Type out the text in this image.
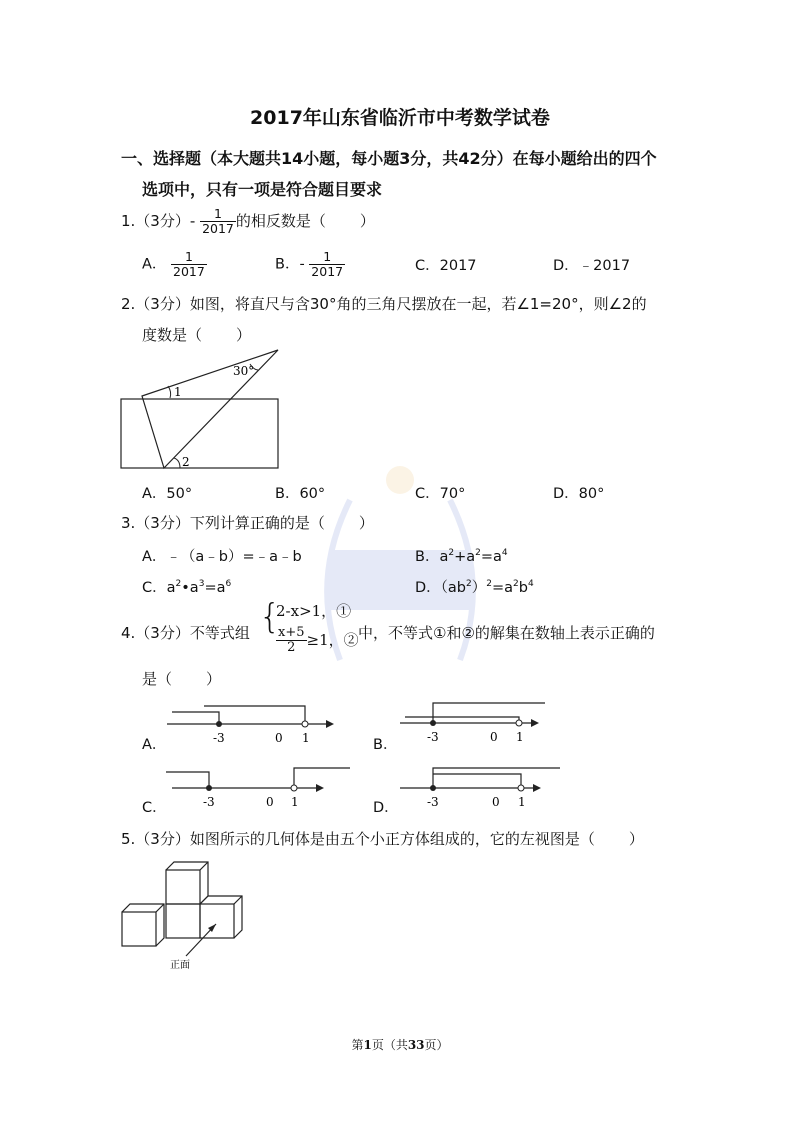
2017年山东省临沂市中考数学试卷
一、选择题（本大题共14小题，每小题3分，共42分）在每小题给出的四个
选项中，只有一项是符合题目要求
1.（3分）- $\frac{1}{2017}$ 的相反数是（ ）
A． $\frac{1}{2017}$	B．- $\frac{1}{2017}$	C．2017	D．﹣2017
2.（3分）如图，将直尺与含30°角的三角尺摆放在一起，若∠1=20°，则∠2的
度数是（ ）
30°
1
2
A．50°	B．60°	C．70°	D．80°
3.（3分）下列计算正确的是（ ）
A．﹣（a﹣b）=﹣a﹣b	B．$a^2+a^2=a^4$
C．$a^2•a^3=a^6$	D．$(ab^2)^2=a^2b^4$
4.（3分）不等式组 {
2-x>1，①
$\frac{x+5}{2} \ge 1$，② 中，不等式①和②的解集在数轴上表示正确的
是（ ）
A．	-3	0 1	B． -3	0 1
C．	-3	0 1	D． -3	0 1
5.（3分）如图所示的几何体是由五个小正方体组成的，它的左视图是（ ）
正面
第1页（共33页）
